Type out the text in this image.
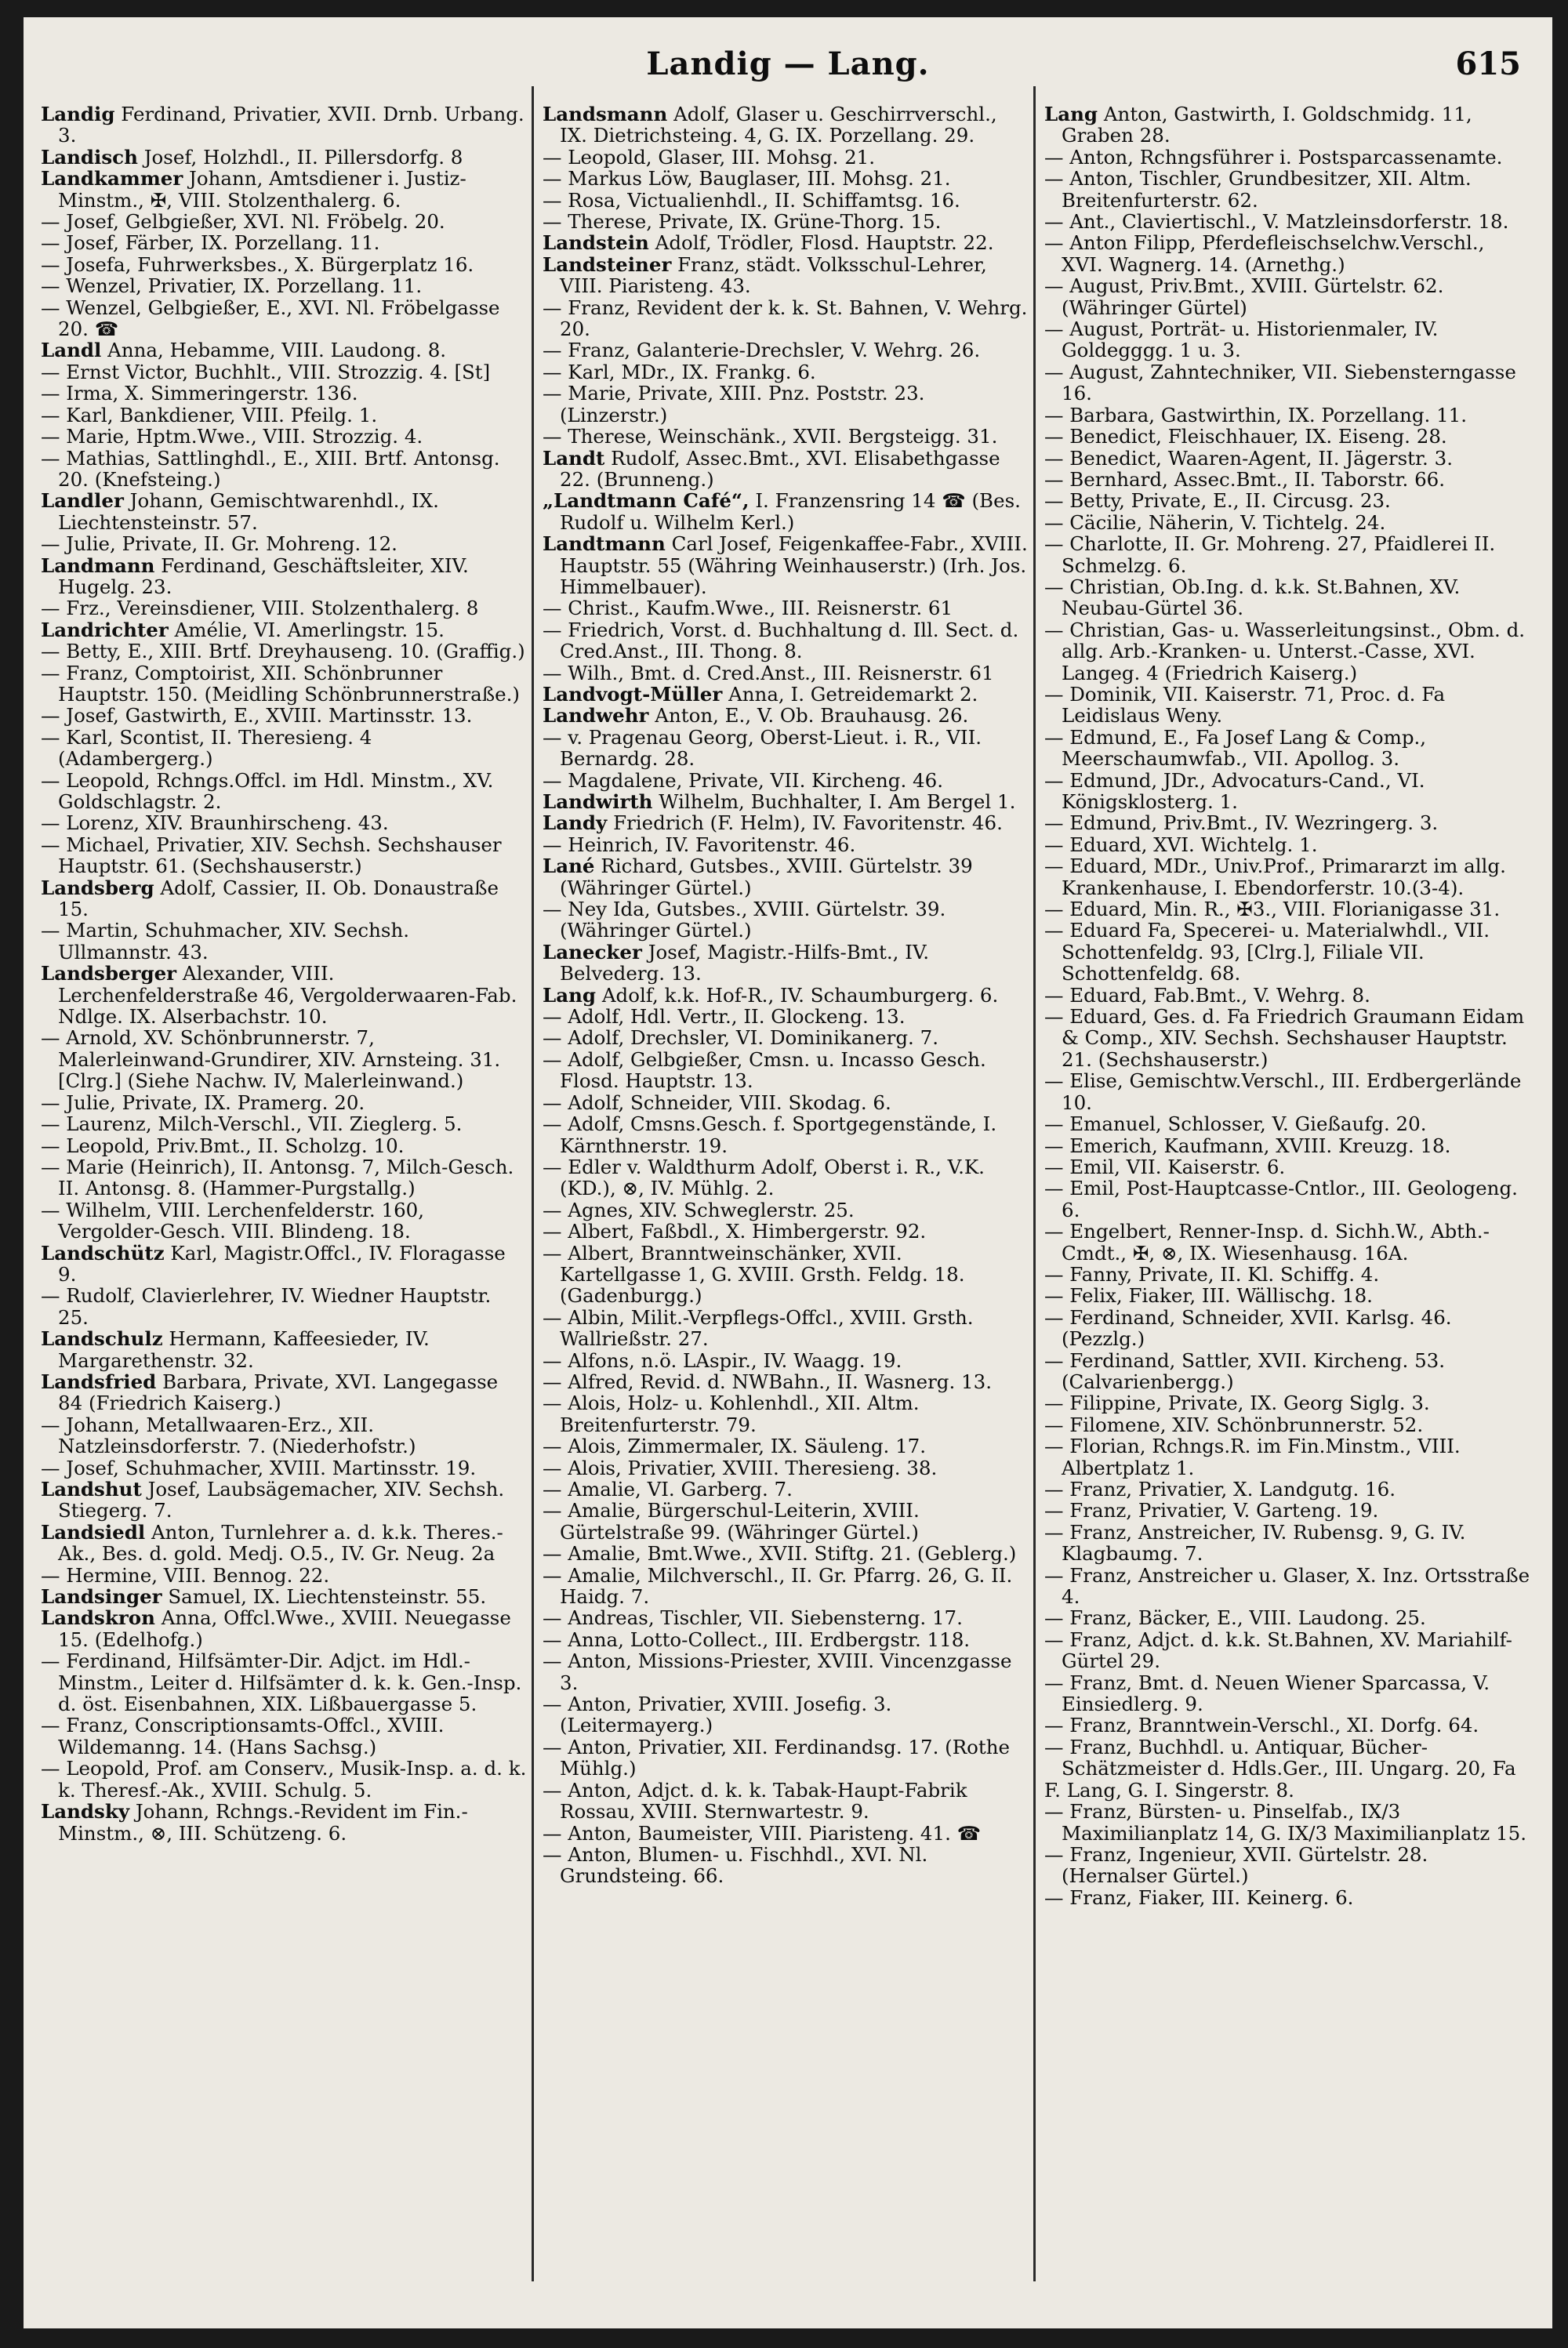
Landig — Lang.	615

Landig Ferdinand, Privatier, XVII. Drnb. Urbang. 3.

Landisch Josef, Holzhdl., II. Pillersdorfg. 8

Landkammer Johann, Amtsdiener i. Justiz-Minstm., ✠, VIII. Stolzenthalerg. 6.

— Josef, Gelbgießer, XVI. Nl. Fröbelg. 20.

— Josef, Färber, IX. Porzellang. 11.

— Josefa, Fuhrwerksbes., X. Bürgerplatz 16.

— Wenzel, Privatier, IX. Porzellang. 11.

— Wenzel, Gelbgießer, E., XVI. Nl. Fröbelgasse 20. ☎

Landl Anna, Hebamme, VIII. Laudong. 8.

— Ernst Victor, Buchhlt., VIII. Strozzig. 4. [St]

— Irma, X. Simmeringerstr. 136.

— Karl, Bankdiener, VIII. Pfeilg. 1.

— Marie, Hptm.Wwe., VIII. Strozzig. 4.

— Mathias, Sattlinghdl., E., XIII. Brtf. Antonsg. 20. (Knefsteing.)

Landler Johann, Gemischtwarenhdl., IX. Liechtensteinstr. 57.

— Julie, Private, II. Gr. Mohreng. 12.

Landmann Ferdinand, Geschäftsleiter, XIV. Hugelg. 23.

— Frz., Vereinsdiener, VIII. Stolzenthalerg. 8

Landrichter Amélie, VI. Amerlingstr. 15.

— Betty, E., XIII. Brtf. Dreyhauseng. 10. (Graffig.)

— Franz, Comptoirist, XII. Schönbrunner Hauptstr. 150. (Meidling Schönbrunnerstraße.)

— Josef, Gastwirth, E., XVIII. Martinsstr. 13.

— Karl, Scontist, II. Theresieng. 4 (Adambergerg.)

— Leopold, Rchngs.Offcl. im Hdl. Minstm., XV. Goldschlagstr. 2.

— Lorenz, XIV. Braunhirscheng. 43.

— Michael, Privatier, XIV. Sechsh. Sechshauser Hauptstr. 61. (Sechshauserstr.)

Landsberg Adolf, Cassier, II. Ob. Donaustraße 15.

— Martin, Schuhmacher, XIV. Sechsh. Ullmannstr. 43.

Landsberger Alexander, VIII. Lerchenfelderstraße 46, Vergolderwaaren-Fab. Ndlge. IX. Alserbachstr. 10.

— Arnold, XV. Schönbrunnerstr. 7, Malerleinwand-Grundirer, XIV. Arnsteing. 31. [Clrg.] (Siehe Nachw. IV, Malerleinwand.)

— Julie, Private, IX. Pramerg. 20.

— Laurenz, Milch-Verschl., VII. Zieglerg. 5.

— Leopold, Priv.Bmt., II. Scholzg. 10.

— Marie (Heinrich), II. Antonsg. 7, Milch-Gesch. II. Antonsg. 8. (Hammer-Purgstallg.)

— Wilhelm, VIII. Lerchenfelderstr. 160, Vergolder-Gesch. VIII. Blindeng. 18.

Landschütz Karl, Magistr.Offcl., IV. Floragasse 9.

— Rudolf, Clavierlehrer, IV. Wiedner Hauptstr. 25.

Landschulz Hermann, Kaffeesieder, IV. Margarethenstr. 32.

Landsfried Barbara, Private, XVI. Langegasse 84 (Friedrich Kaiserg.)

— Johann, Metallwaaren-Erz., XII. Natzleinsdorferstr. 7. (Niederhofstr.)

— Josef, Schuhmacher, XVIII. Martinsstr. 19.

Landshut Josef, Laubsägemacher, XIV. Sechsh. Stiegerg. 7.

Landsiedl Anton, Turnlehrer a. d. k.k. Theres.-Ak., Bes. d. gold. Medj. O.5., IV. Gr. Neug. 2a

— Hermine, VIII. Bennog. 22.

Landsinger Samuel, IX. Liechtensteinstr. 55.

Landskron Anna, Offcl.Wwe., XVIII. Neuegasse 15. (Edelhofg.)

— Ferdinand, Hilfsämter-Dir. Adjct. im Hdl.-Minstm., Leiter d. Hilfsämter d. k. k. Gen.-Insp. d. öst. Eisenbahnen, XIX. Lißbauergasse 5.

— Franz, Conscriptionsamts-Offcl., XVIII. Wildemanng. 14. (Hans Sachsg.)

— Leopold, Prof. am Conserv., Musik-Insp. a. d. k. k. Theresf.-Ak., XVIII. Schulg. 5.

Landsky Johann, Rchngs.-Revident im Fin.-Minstm., ⊗, III. Schützeng. 6.

Landsmann Adolf, Glaser u. Geschirrverschl., IX. Dietrichsteing. 4, G. IX. Porzellang. 29.

— Leopold, Glaser, III. Mohsg. 21.

— Markus Löw, Bauglaser, III. Mohsg. 21.

— Rosa, Victualienhdl., II. Schiffamtsg. 16.

— Therese, Private, IX. Grüne-Thorg. 15.

Landstein Adolf, Trödler, Flosd. Hauptstr. 22.

Landsteiner Franz, städt. Volksschul-Lehrer, VIII. Piaristeng. 43.

— Franz, Revident der k. k. St. Bahnen, V. Wehrg. 20.

— Franz, Galanterie-Drechsler, V. Wehrg. 26.

— Karl, MDr., IX. Frankg. 6.

— Marie, Private, XIII. Pnz. Poststr. 23. (Linzerstr.)

— Therese, Weinschänk., XVII. Bergsteigg. 31.

Landt Rudolf, Assec.Bmt., XVI. Elisabethgasse 22. (Brunneng.)

„Landtmann Café“, I. Franzensring 14 ☎ (Bes. Rudolf u. Wilhelm Kerl.)

Landtmann Carl Josef, Feigenkaffee-Fabr., XVIII. Hauptstr. 55 (Währing Weinhauserstr.) (Irh. Jos. Himmelbauer).

— Christ., Kaufm.Wwe., III. Reisnerstr. 61

— Friedrich, Vorst. d. Buchhaltung d. Ill. Sect. d. Cred.Anst., III. Thong. 8.

— Wilh., Bmt. d. Cred.Anst., III. Reisnerstr. 61

Landvogt-Müller Anna, I. Getreidemarkt 2.

Landwehr Anton, E., V. Ob. Brauhausg. 26.

— v. Pragenau Georg, Oberst-Lieut. i. R., VII. Bernardg. 28.

— Magdalene, Private, VII. Kircheng. 46.

Landwirth Wilhelm, Buchhalter, I. Am Bergel 1.

Landy Friedrich (F. Helm), IV. Favoritenstr. 46.

— Heinrich, IV. Favoritenstr. 46.

Lané Richard, Gutsbes., XVIII. Gürtelstr. 39 (Währinger Gürtel.)

— Ney Ida, Gutsbes., XVIII. Gürtelstr. 39. (Währinger Gürtel.)

Lanecker Josef, Magistr.-Hilfs-Bmt., IV. Belvederg. 13.

Lang Adolf, k.k. Hof-R., IV. Schaumburgerg. 6.

— Adolf, Hdl. Vertr., II. Glockeng. 13.

— Adolf, Drechsler, VI. Dominikanerg. 7.

— Adolf, Gelbgießer, Cmsn. u. Incasso Gesch. Flosd. Hauptstr. 13.

— Adolf, Schneider, VIII. Skodag. 6.

— Adolf, Cmsns.Gesch. f. Sportgegenstände, I. Kärnthnerstr. 19.

— Edler v. Waldthurm Adolf, Oberst i. R., V.K. (KD.), ⊗, IV. Mühlg. 2.

— Agnes, XIV. Schweglerstr. 25.

— Albert, Faßbdl., X. Himbergerstr. 92.

— Albert, Branntweinschänker, XVII. Kartellgasse 1, G. XVIII. Grsth. Feldg. 18. (Gadenburgg.)

— Albin, Milit.-Verpflegs-Offcl., XVIII. Grsth. Wallrießstr. 27.

— Alfons, n.ö. LAspir., IV. Waagg. 19.

— Alfred, Revid. d. NWBahn., II. Wasnerg. 13.

— Alois, Holz- u. Kohlenhdl., XII. Altm. Breitenfurterstr. 79.

— Alois, Zimmermaler, IX. Säuleng. 17.

— Alois, Privatier, XVIII. Theresieng. 38.

— Amalie, VI. Garberg. 7.

— Amalie, Bürgerschul-Leiterin, XVIII. Gürtelstraße 99. (Währinger Gürtel.)

— Amalie, Bmt.Wwe., XVII. Stiftg. 21. (Geblerg.)

— Amalie, Milchverschl., II. Gr. Pfarrg. 26, G. II. Haidg. 7.

— Andreas, Tischler, VII. Siebensterng. 17.

— Anna, Lotto-Collect., III. Erdbergstr. 118.

— Anton, Missions-Priester, XVIII. Vincenzgasse 3.

— Anton, Privatier, XVIII. Josefig. 3. (Leitermayerg.)

— Anton, Privatier, XII. Ferdinandsg. 17. (Rothe Mühlg.)

— Anton, Adjct. d. k. k. Tabak-Haupt-Fabrik Rossau, XVIII. Sternwartestr. 9.

— Anton, Baumeister, VIII. Piaristeng. 41. ☎

— Anton, Blumen- u. Fischhdl., XVI. Nl. Grundsteing. 66.

Lang Anton, Gastwirth, I. Goldschmidg. 11, Graben 28.

— Anton, Rchngsführer i. Postsparcassenamte.

— Anton, Tischler, Grundbesitzer, XII. Altm. Breitenfurterstr. 62.

— Ant., Claviertischl., V. Matzleinsdorferstr. 18.

— Anton Filipp, Pferdefleischselchw.Verschl., XVI. Wagnerg. 14. (Arnethg.)

— August, Priv.Bmt., XVIII. Gürtelstr. 62. (Währinger Gürtel)

— August, Porträt- u. Historienmaler, IV. Goldegggg. 1 u. 3.

— August, Zahntechniker, VII. Siebensterngasse 16.

— Barbara, Gastwirthin, IX. Porzellang. 11.

— Benedict, Fleischhauer, IX. Eiseng. 28.

— Benedict, Waaren-Agent, II. Jägerstr. 3.

— Bernhard, Assec.Bmt., II. Taborstr. 66.

— Betty, Private, E., II. Circusg. 23.

— Cäcilie, Näherin, V. Tichtelg. 24.

— Charlotte, II. Gr. Mohreng. 27, Pfaidlerei II. Schmelzg. 6.

— Christian, Ob.Ing. d. k.k. St.Bahnen, XV. Neubau-Gürtel 36.

— Christian, Gas- u. Wasserleitungsinst., Obm. d. allg. Arb.-Kranken- u. Unterst.-Casse, XVI. Langeg. 4 (Friedrich Kaiserg.)

— Dominik, VII. Kaiserstr. 71, Proc. d. Fa Leidislaus Weny.

— Edmund, E., Fa Josef Lang & Comp., Meerschaumwfab., VII. Apollog. 3.

— Edmund, JDr., Advocaturs-Cand., VI. Königsklosterg. 1.

— Edmund, Priv.Bmt., IV. Wezringerg. 3.

— Eduard, XVI. Wichtelg. 1.

— Eduard, MDr., Univ.Prof., Primararzt im allg. Krankenhause, I. Ebendorferstr. 10.(3-4).

— Eduard, Min. R., ✠3., VIII. Florianigasse 31.

— Eduard Fa, Specerei- u. Materialwhdl., VII. Schottenfeldg. 93, [Clrg.], Filiale VII. Schottenfeldg. 68.

— Eduard, Fab.Bmt., V. Wehrg. 8.

— Eduard, Ges. d. Fa Friedrich Graumann Eidam & Comp., XIV. Sechsh. Sechshauser Hauptstr. 21. (Sechshauserstr.)

— Elise, Gemischtw.Verschl., III. Erdbergerlände 10.

— Emanuel, Schlosser, V. Gießaufg. 20.

— Emerich, Kaufmann, XVIII. Kreuzg. 18.

— Emil, VII. Kaiserstr. 6.

— Emil, Post-Hauptcasse-Cntlor., III. Geologeng. 6.

— Engelbert, Renner-Insp. d. Sichh.W., Abth.-Cmdt., ✠, ⊗, IX. Wiesenhausg. 16A.

— Fanny, Private, II. Kl. Schiffg. 4.

— Felix, Fiaker, III. Wällischg. 18.

— Ferdinand, Schneider, XVII. Karlsg. 46. (Pezzlg.)

— Ferdinand, Sattler, XVII. Kircheng. 53. (Calvarienbergg.)

— Filippine, Private, IX. Georg Siglg. 3.

— Filomene, XIV. Schönbrunnerstr. 52.

— Florian, Rchngs.R. im Fin.Minstm., VIII. Albertplatz 1.

— Franz, Privatier, X. Landgutg. 16.

— Franz, Privatier, V. Garteng. 19.

— Franz, Anstreicher, IV. Rubensg. 9, G. IV. Klagbaumg. 7.

— Franz, Anstreicher u. Glaser, X. Inz. Ortsstraße 4.

— Franz, Bäcker, E., VIII. Laudong. 25.

— Franz, Adjct. d. k.k. St.Bahnen, XV. Mariahilf-Gürtel 29.

— Franz, Bmt. d. Neuen Wiener Sparcassa, V. Einsiedlerg. 9.

— Franz, Branntwein-Verschl., XI. Dorfg. 64.

— Franz, Buchhdl. u. Antiquar, Bücher-Schätzmeister d. Hdls.Ger., III. Ungarg. 20, Fa

F. Lang, G. I. Singerstr. 8.

— Franz, Bürsten- u. Pinselfab., IX/3 Maximilianplatz 14, G. IX/3 Maximilianplatz 15.

— Franz, Ingenieur, XVII. Gürtelstr. 28. (Hernalser Gürtel.)

— Franz, Fiaker, III. Keinerg. 6.
